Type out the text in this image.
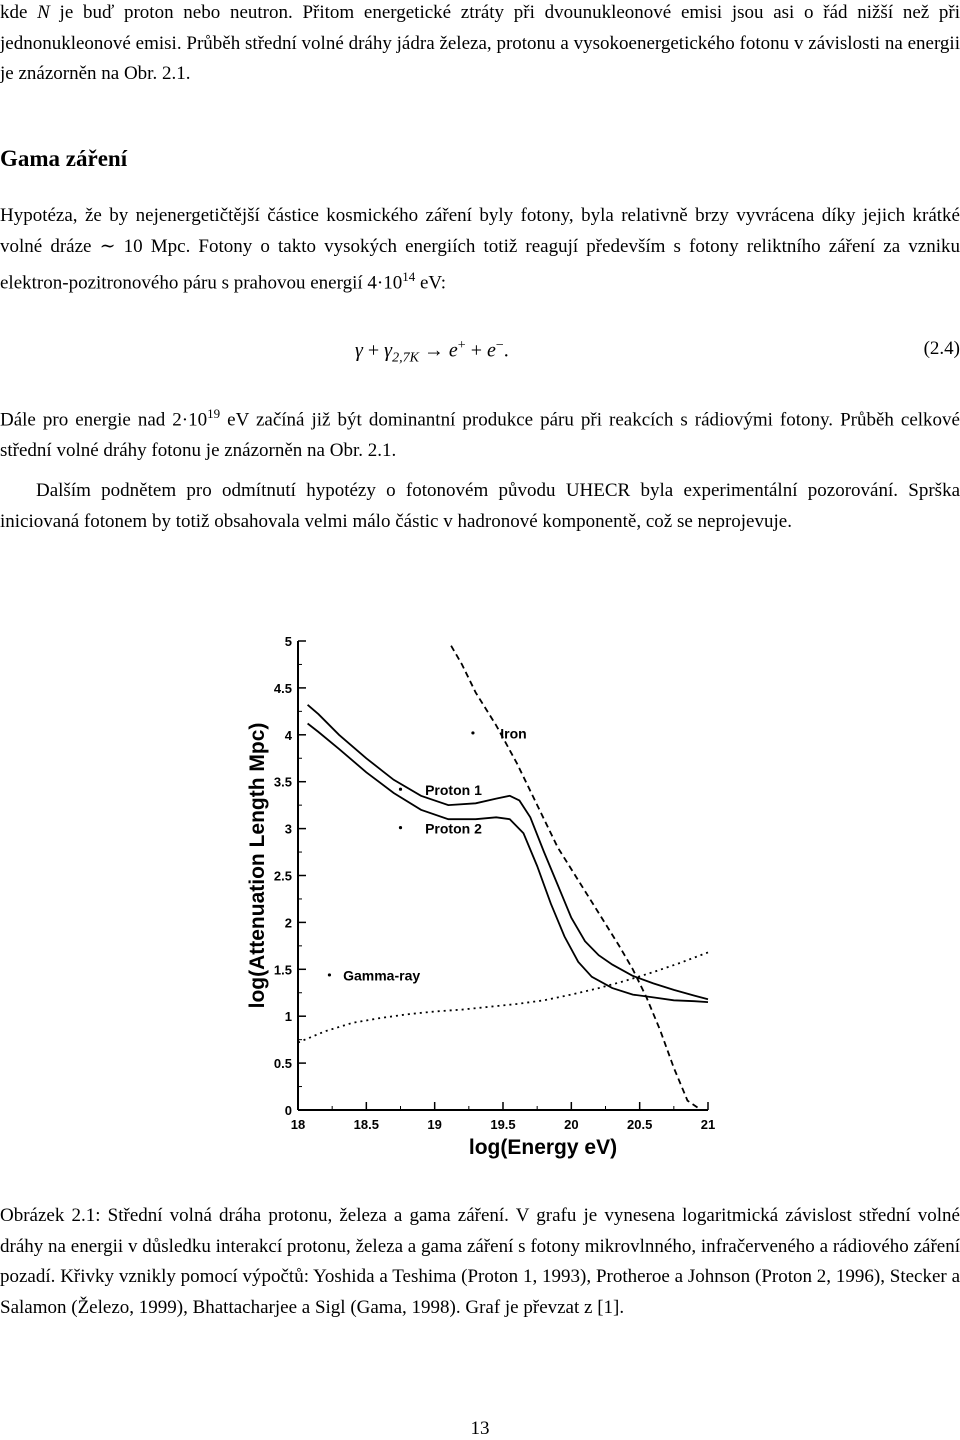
kde N je buď proton nebo neutron. Přitom energetické ztráty při dvounukleonové emisi jsou asi o řád nižší než při jednonukleonové emisi. Průběh střední volné dráhy jádra železa, protonu a vysokoenergetického fotonu v závislosti na energii je znázorněn na Obr. 2.1.

Gama záření

Hypotéza, že by nejenergetičtější částice kosmického záření byly fotony, byla relativně brzy vyvrácena díky jejich krátké volné dráze ∼ 10 Mpc. Fotony o takto vysokých energiích totiž reagují především s fotony reliktního záření za vzniku elektron-pozitronového páru s prahovou energií $4\cdot 10^{14}$ eV:

$\gamma + \gamma_{2,7K} \to e^+ + e^-$.	(2.4)

Dále pro energie nad $2\cdot 10^{19}$ eV začíná již být dominantní produkce páru při reakcích s rádiovými fotony. Průběh celkové střední volné dráhy fotonu je znázorněn na Obr. 2.1.

Dalším podnětem pro odmítnutí hypotézy o fotonovém původu UHECR byla experimentální pozorování. Sprška iniciovaná fotonem by totiž obsahovala velmi málo částic v hadronové komponentě, což se neprojevuje.

0
0.5
1
1.5
2
2.5
3
3.5
4
4.5
5
18	18.5	19	19.5	20	20.5	21
log(Energy eV)
log(Attenuation Length Mpc)	Iron
Proton 1
Proton 2
Gamma-ray

Obrázek 2.1: Střední volná dráha protonu, železa a gama záření. V grafu je vynesena logaritmická závislost střední volné dráhy na energii v důsledku interakcí protonu, železa a gama záření s fotony mikrovlnného, infračerveného a rádiového záření pozadí. Křivky vznikly pomocí výpočtů: Yoshida a Teshima (Proton 1, 1993), Protheroe a Johnson (Proton 2, 1996), Stecker a Salamon (Železo, 1999), Bhattacharjee a Sigl (Gama, 1998). Graf je převzat z [1].

13
